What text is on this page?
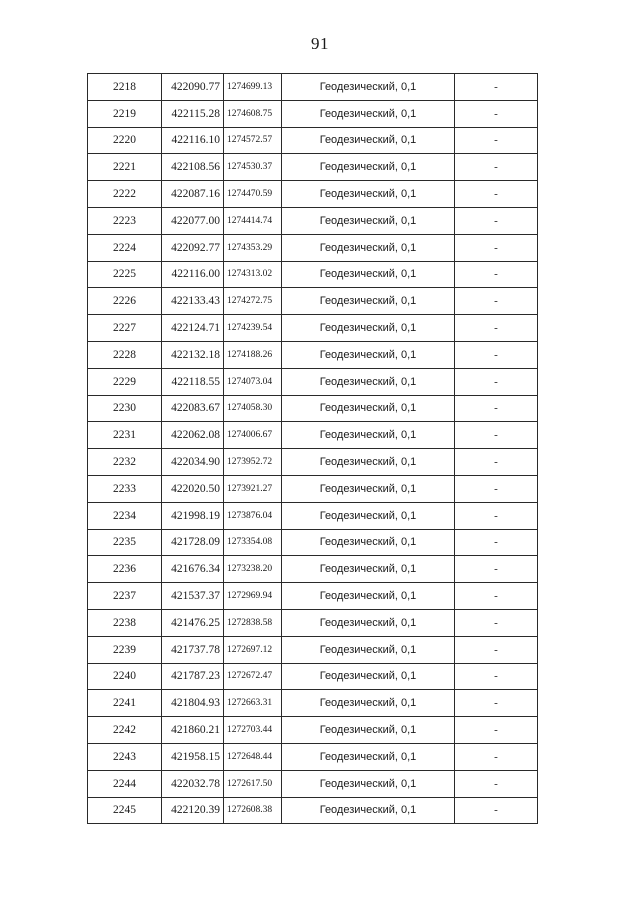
91
2218	422090.77	1274699.13	Геодезический, 0,1	-
2219	422115.28	1274608.75	Геодезический, 0,1	-
2220	422116.10	1274572.57	Геодезический, 0,1	-
2221	422108.56	1274530.37	Геодезический, 0,1	-
2222	422087.16	1274470.59	Геодезический, 0,1	-
2223	422077.00	1274414.74	Геодезический, 0,1	-
2224	422092.77	1274353.29	Геодезический, 0,1	-
2225	422116.00	1274313.02	Геодезический, 0,1	-
2226	422133.43	1274272.75	Геодезический, 0,1	-
2227	422124.71	1274239.54	Геодезический, 0,1	-
2228	422132.18	1274188.26	Геодезический, 0,1	-
2229	422118.55	1274073.04	Геодезический, 0,1	-
2230	422083.67	1274058.30	Геодезический, 0,1	-
2231	422062.08	1274006.67	Геодезический, 0,1	-
2232	422034.90	1273952.72	Геодезический, 0,1	-
2233	422020.50	1273921.27	Геодезический, 0,1	-
2234	421998.19	1273876.04	Геодезический, 0,1	-
2235	421728.09	1273354.08	Геодезический, 0,1	-
2236	421676.34	1273238.20	Геодезический, 0,1	-
2237	421537.37	1272969.94	Геодезический, 0,1	-
2238	421476.25	1272838.58	Геодезический, 0,1	-
2239	421737.78	1272697.12	Геодезический, 0,1	-
2240	421787.23	1272672.47	Геодезический, 0,1	-
2241	421804.93	1272663.31	Геодезический, 0,1	-
2242	421860.21	1272703.44	Геодезический, 0,1	-
2243	421958.15	1272648.44	Геодезический, 0,1	-
2244	422032.78	1272617.50	Геодезический, 0,1	-
2245	422120.39	1272608.38	Геодезический, 0,1	-
